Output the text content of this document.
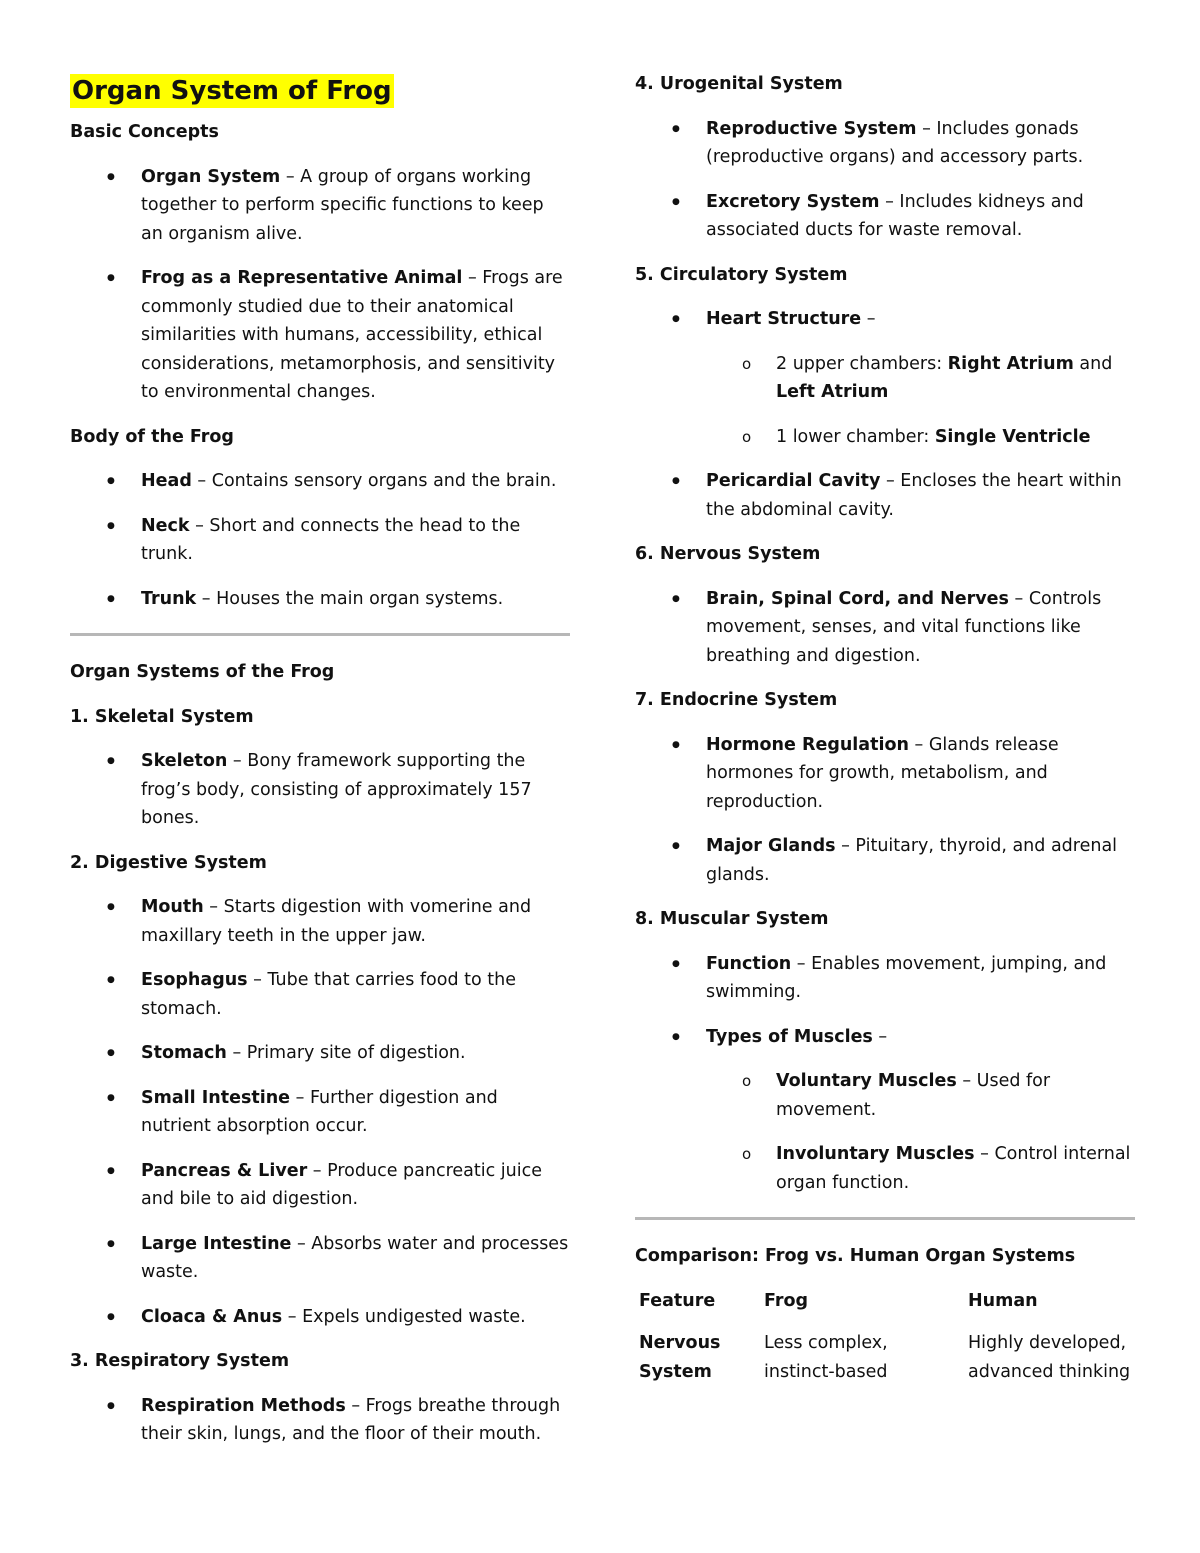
Organ System of Frog
Basic Concepts
● Organ System – A group of organs working together to perform specific functions to keep an organism alive.
● Frog as a Representative Animal – Frogs are commonly studied due to their anatomical similarities with humans, accessibility, ethical considerations, metamorphosis, and sensitivity to environmental changes.
Body of the Frog
● Head – Contains sensory organs and the brain.
● Neck – Short and connects the head to the trunk.
● Trunk – Houses the main organ systems.
Organ Systems of the Frog
1. Skeletal System
● Skeleton – Bony framework supporting the frog’s body, consisting of approximately 157 bones.
2. Digestive System
● Mouth – Starts digestion with vomerine and maxillary teeth in the upper jaw.
● Esophagus – Tube that carries food to the stomach.
● Stomach – Primary site of digestion.
● Small Intestine – Further digestion and nutrient absorption occur.
● Pancreas & Liver – Produce pancreatic juice and bile to aid digestion.
● Large Intestine – Absorbs water and processes waste.
● Cloaca & Anus – Expels undigested waste.
3. Respiratory System
● Respiration Methods – Frogs breathe through their skin, lungs, and the floor of their mouth.
4. Urogenital System
● Reproductive System – Includes gonads (reproductive organs) and accessory parts.
● Excretory System – Includes kidneys and associated ducts for waste removal.
5. Circulatory System
● Heart Structure –
o 2 upper chambers: Right Atrium and Left Atrium
o 1 lower chamber: Single Ventricle
● Pericardial Cavity – Encloses the heart within the abdominal cavity.
6. Nervous System
● Brain, Spinal Cord, and Nerves – Controls movement, senses, and vital functions like breathing and digestion.
7. Endocrine System
● Hormone Regulation – Glands release hormones for growth, metabolism, and reproduction.
● Major Glands – Pituitary, thyroid, and adrenal glands.
8. Muscular System
● Function – Enables movement, jumping, and swimming.
● Types of Muscles –
o Voluntary Muscles – Used for movement.
o Involuntary Muscles – Control internal organ function.
Comparison: Frog vs. Human Organ Systems
Feature	Frog	Human
Nervous System	Less complex, instinct-based	Highly developed, advanced thinking
